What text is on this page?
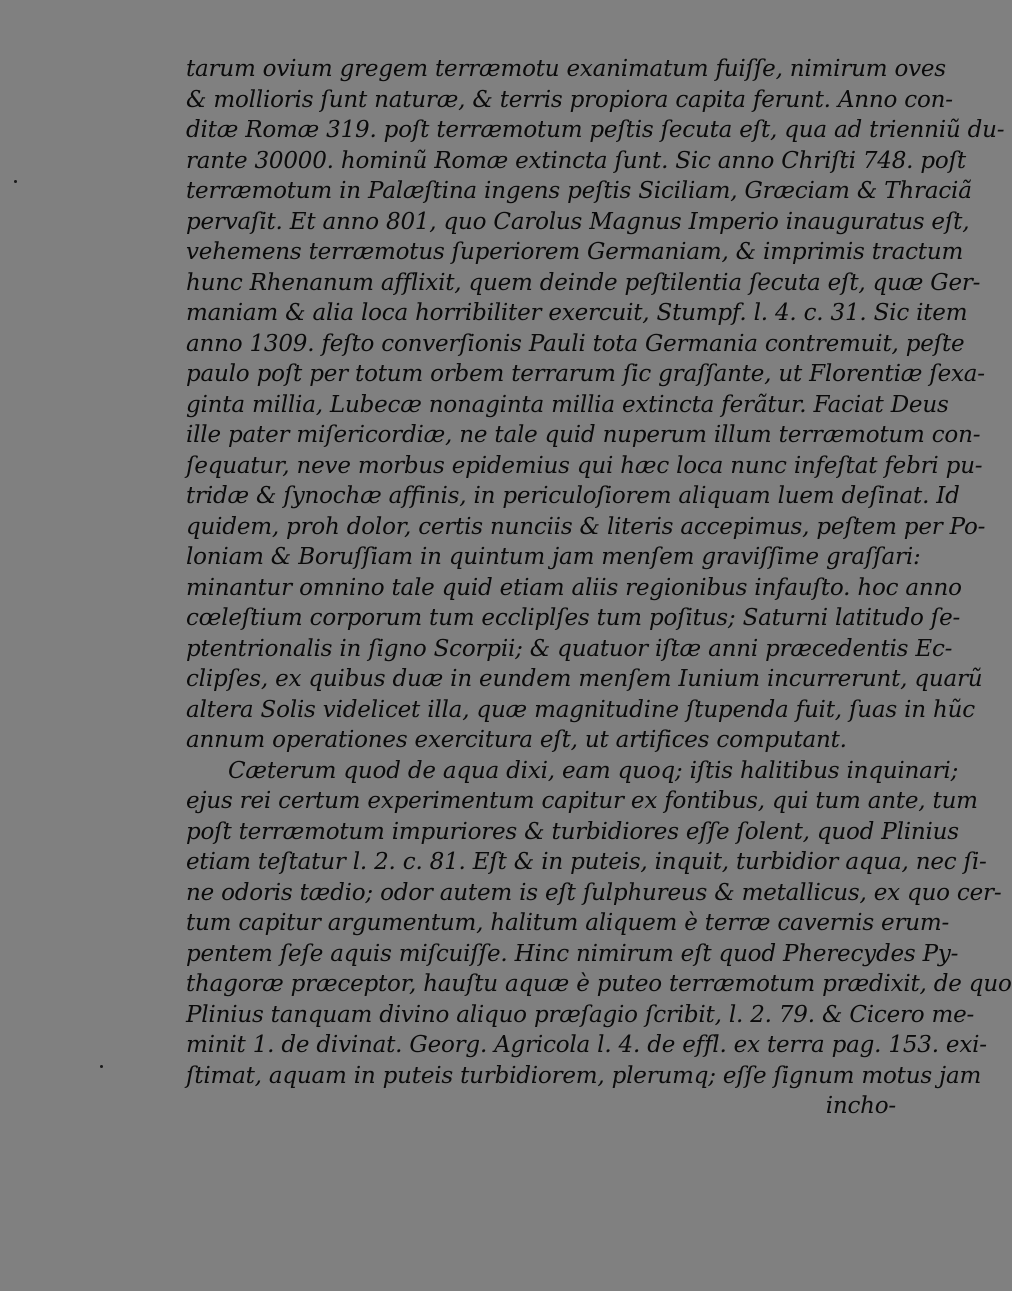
tarum ovium gregem terræmotu exanimatum fuiſſe, nimirum oves
& mollioris ſunt naturæ, & terris propiora capita ferunt. Anno con-
ditæ Romæ 319. poſt terræmotum peſtis ſecuta eſt, qua ad trienniũ du-
rante 30000. hominũ Romæ extincta ſunt. Sic anno Chriſti 748. poſt
terræmotum in Palæſtina ingens peſtis Siciliam, Græciam & Thraciã
pervaſit. Et anno 801, quo Carolus Magnus Imperio inauguratus eſt,
vehemens terræmotus ſuperiorem Germaniam, & imprimis tractum
hunc Rhenanum afflixit, quem deinde peſtilentia ſecuta eſt, quæ Ger-
maniam & alia loca horribiliter exercuit, Stumpf. l. 4. c. 31. Sic item
anno 1309. feſto converſionis Pauli tota Germania contremuit, peſte
paulo poſt per totum orbem terrarum ſic graſſante, ut Florentiæ ſexa-
ginta millia, Lubecæ nonaginta millia extincta ferãtur. Faciat Deus
ille pater miſericordiæ, ne tale quid nuperum illum terræmotum con-
ſequatur, neve morbus epidemius qui hæc loca nunc infeſtat febri pu-
tridæ & ſynochæ affinis, in periculoſiorem aliquam luem deſinat. Id
quidem, proh dolor, certis nunciis & literis accepimus, peſtem per Po-
loniam & Boruſſiam in quintum jam menſem graviſſime graſſari:
minantur omnino tale quid etiam aliis regionibus infauſto. hoc anno
cœleſtium corporum tum eccliplſes tum poſitus; Saturni latitudo ſe-
ptentrionalis in ſigno Scorpii; & quatuor iſtæ anni præcedentis Ec-
clipſes, ex quibus duæ in eundem menſem Iunium incurrerunt, quarũ
altera Solis videlicet illa, quæ magnitudine ſtupenda fuit, ſuas in hũc
annum operationes exercitura eſt, ut artifices computant.
Cæterum quod de aqua dixi, eam quoq; iſtis halitibus inquinari;
ejus rei certum experimentum capitur ex fontibus, qui tum ante, tum
poſt terræmotum impuriores & turbidiores eſſe ſolent, quod Plinius
etiam teſtatur l. 2. c. 81. Eſt & in puteis, inquit, turbidior aqua, nec ſi-
ne odoris tædio; odor autem is eſt ſulphureus & metallicus, ex quo cer-
tum capitur argumentum, halitum aliquem è terræ cavernis erum-
pentem ſeſe aquis miſcuiſſe. Hinc nimirum eſt quod Pherecydes Py-
thagoræ præceptor, hauſtu aquæ è puteo terræmotum prædixit, de quo
Plinius tanquam divino aliquo præſagio ſcribit, l. 2. 79. & Cicero me-
minit 1. de divinat. Georg. Agricola l. 4. de effl. ex terra pag. 153. exi-
ſtimat, aquam in puteis turbidiorem, plerumq; eſſe ſignum motus jam
incho-
